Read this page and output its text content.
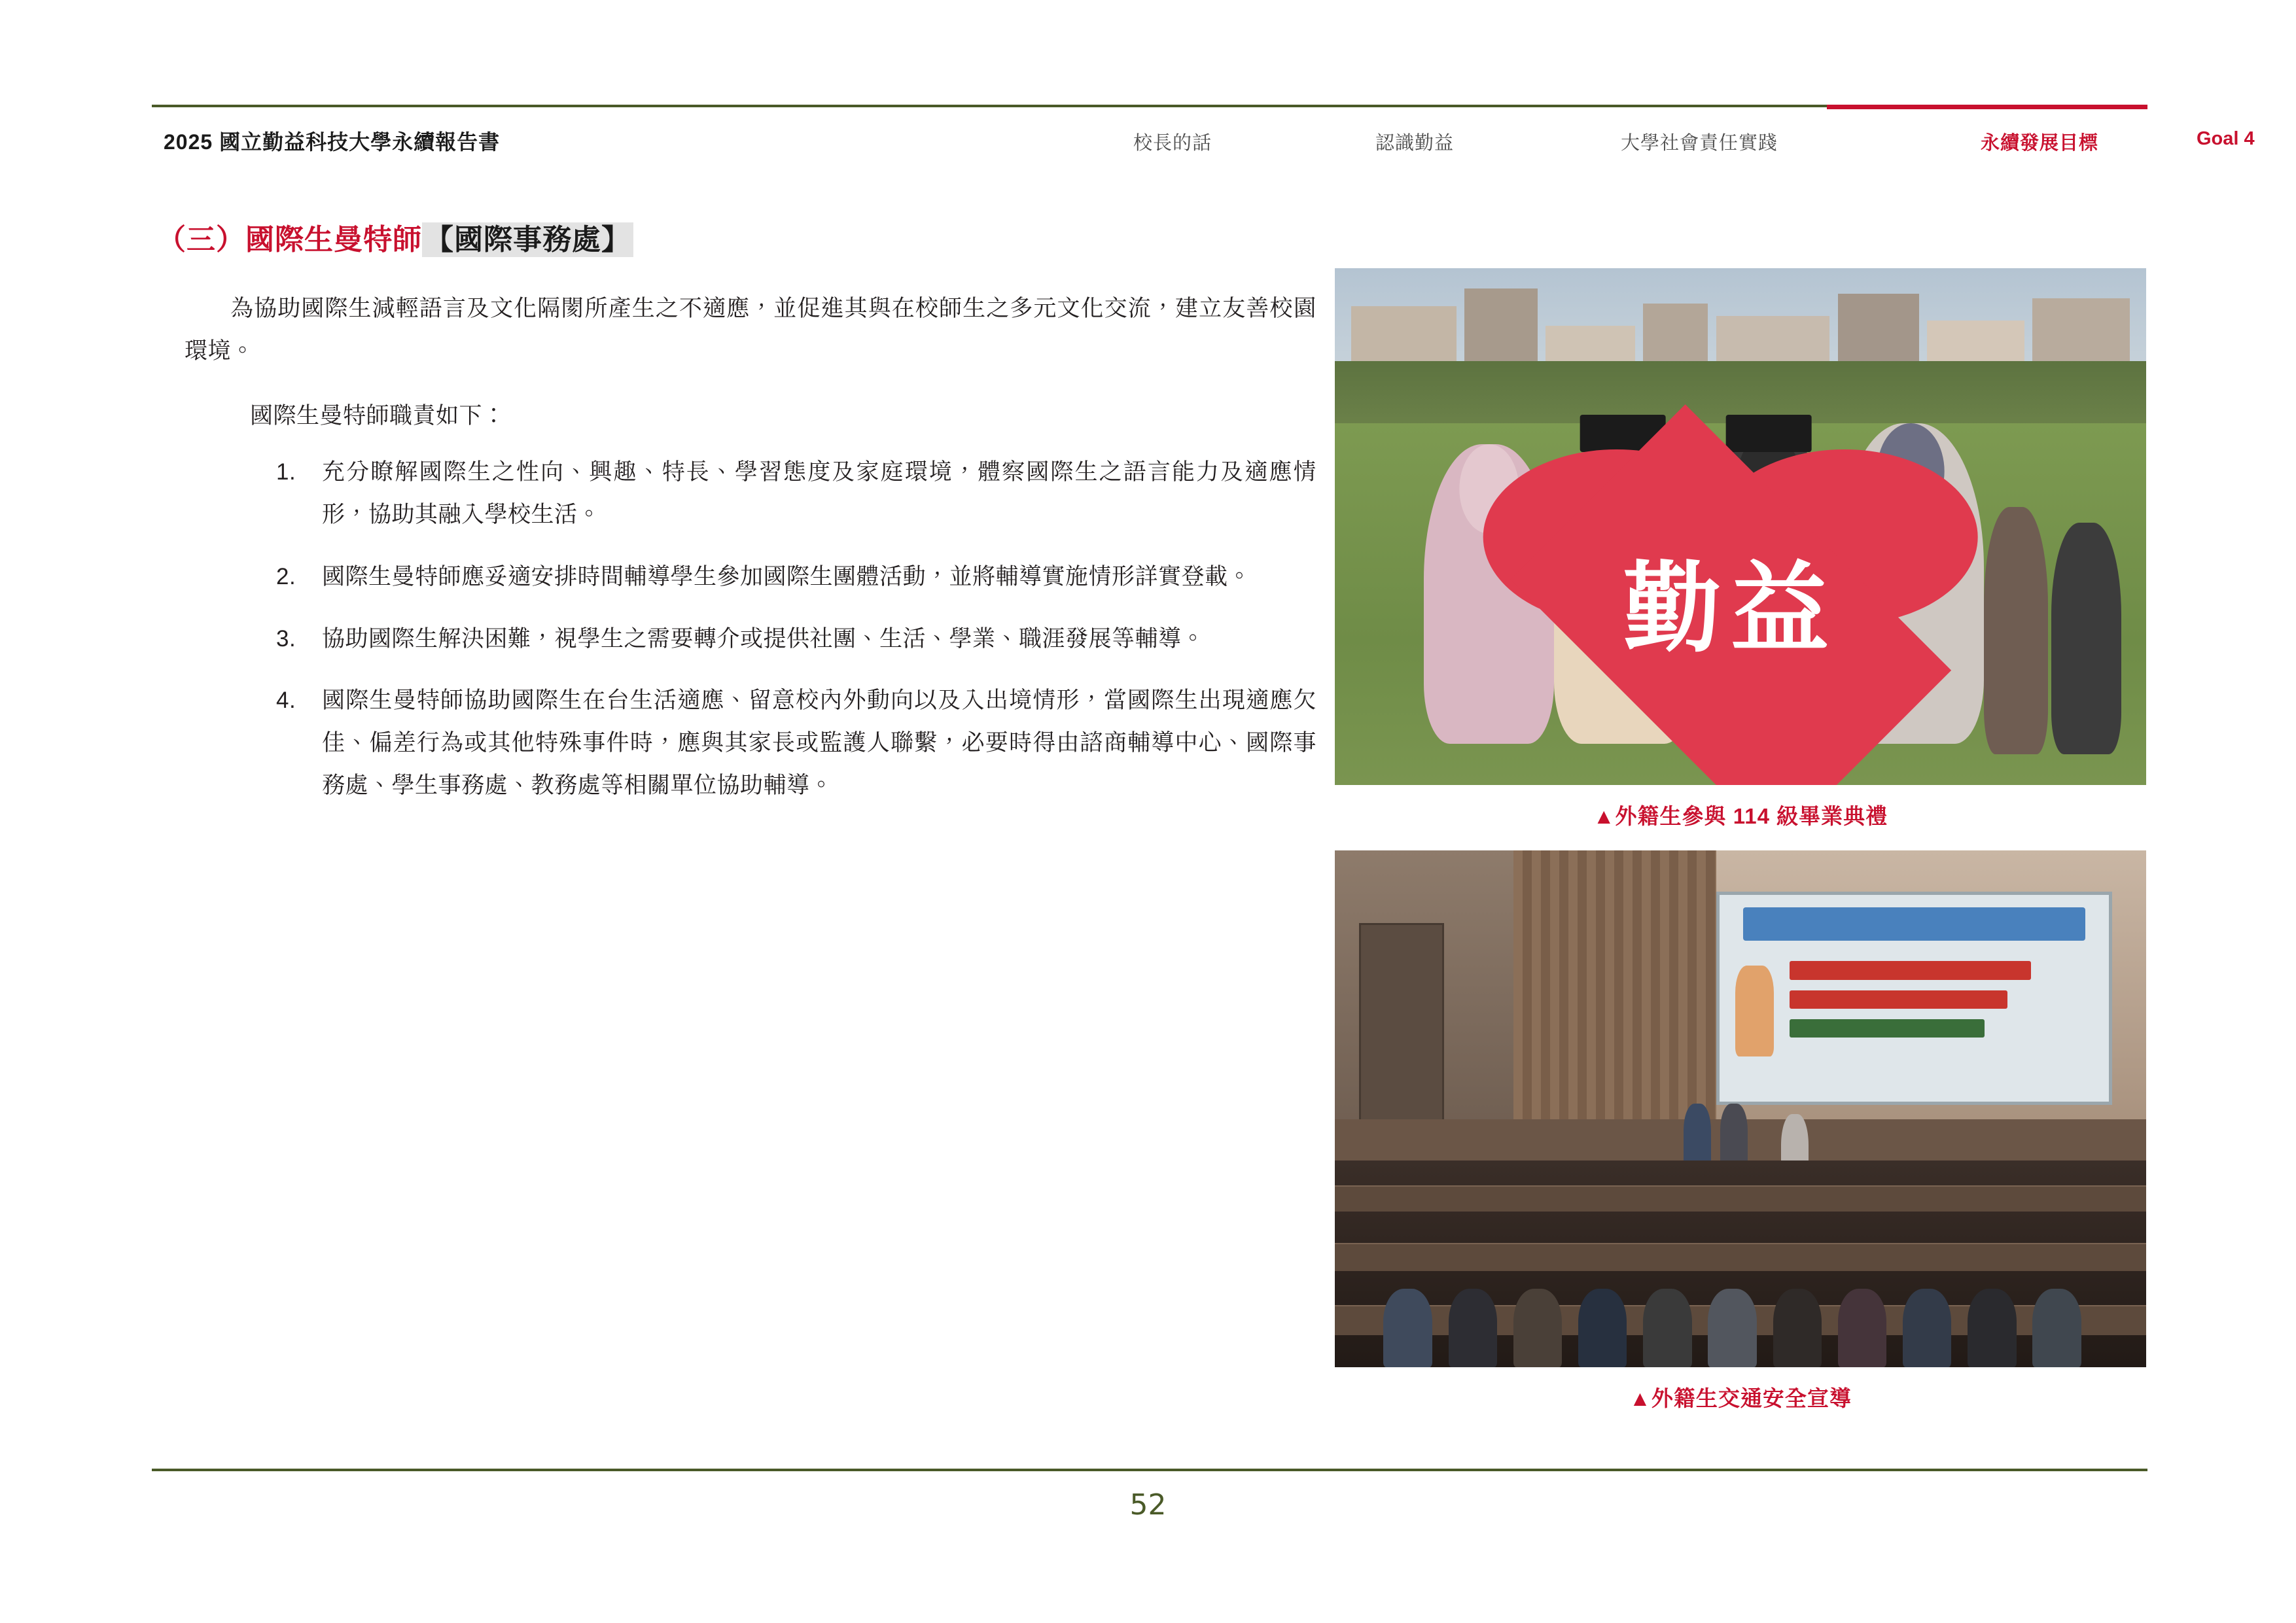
2025 國立勤益科技大學永續報告書	校長的話	認識勤益	大學社會責任實踐	永續發展目標	Goal 4
（三）國際生曼特師【國際事務處】

為協助國際生減輕語言及文化隔閡所產生之不適應，並促進其與在校師生之多元文化交流，建立友善校園環境。

國際生曼特師職責如下：

1. 充分瞭解國際生之性向、興趣、特長、學習態度及家庭環境，體察國際生之語言能力及適應情形，協助其融入學校生活。
2. 國際生曼特師應妥適安排時間輔導學生參加國際生團體活動，並將輔導實施情形詳實登載。
3. 協助國際生解決困難，視學生之需要轉介或提供社團、生活、學業、職涯發展等輔導。
4. 國際生曼特師協助國際生在台生活適應、留意校內外動向以及入出境情形，當國際生出現適應欠佳、偏差行為或其他特殊事件時，應與其家長或監護人聯繫，必要時得由諮商輔導中心、國際事務處、學生事務處、教務處等相關單位協助輔導。
勤益
▲外籍生參與 114 級畢業典禮
▲外籍生交通安全宣導
52
